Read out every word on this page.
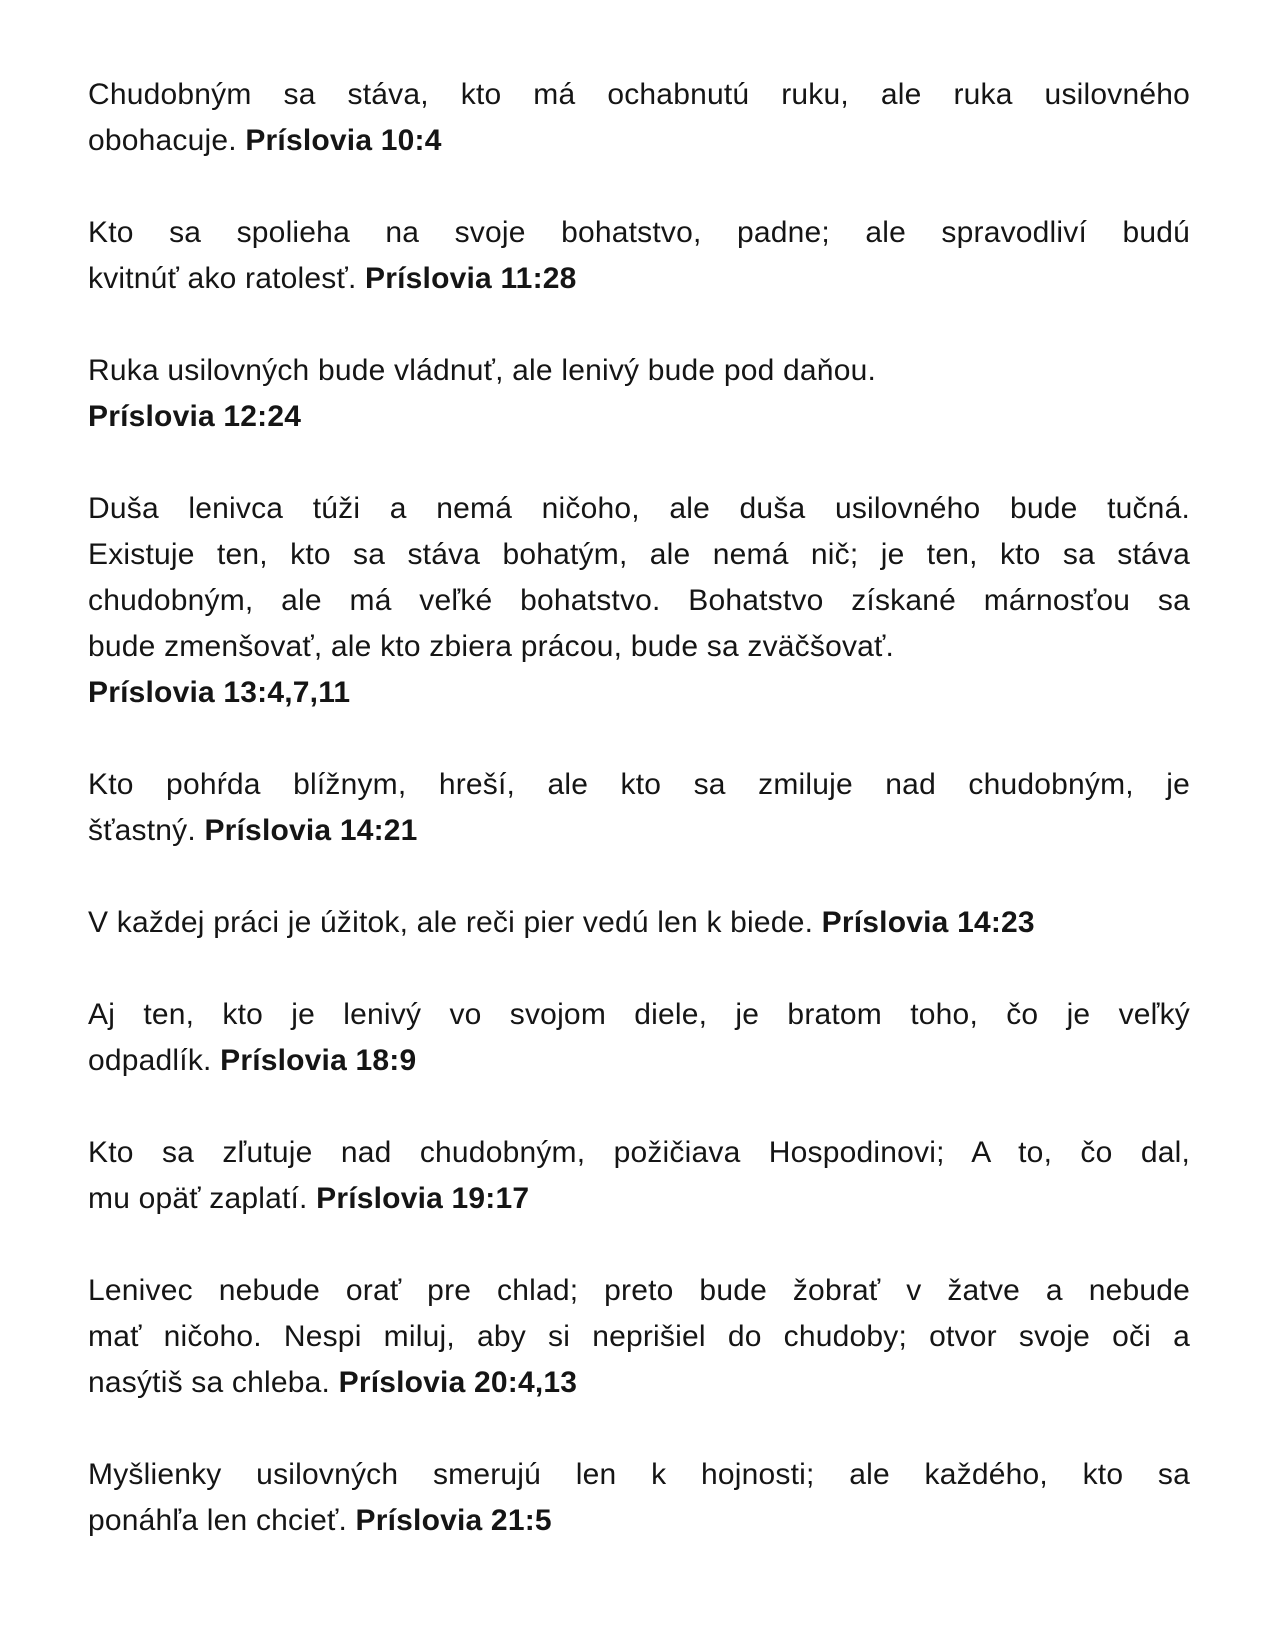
Chudobným sa stáva, kto má ochabnutú ruku, ale ruka usilovného
obohacuje. Príslovia 10:4
Kto sa spolieha na svoje bohatstvo, padne; ale spravodliví budú
kvitnúť ako ratolesť. Príslovia 11:28
Ruka usilovných bude vládnuť, ale lenivý bude pod daňou.
Príslovia 12:24
Duša lenivca túži a nemá ničoho, ale duša usilovného bude tučná.
Existuje ten, kto sa stáva bohatým, ale nemá nič; je ten, kto sa stáva
chudobným, ale má veľké bohatstvo. Bohatstvo získané márnosťou sa
bude zmenšovať, ale kto zbiera prácou, bude sa zväčšovať.
Príslovia 13:4,7,11
Kto pohŕda blížnym, hreší, ale kto sa zmiluje nad chudobným, je
šťastný. Príslovia 14:21
V každej práci je úžitok, ale reči pier vedú len k biede. Príslovia 14:23
Aj ten, kto je lenivý vo svojom diele, je bratom toho, čo je veľký
odpadlík. Príslovia 18:9
Kto sa zľutuje nad chudobným, požičiava Hospodinovi; A to, čo dal,
mu opäť zaplatí. Príslovia 19:17
Lenivec nebude orať pre chlad; preto bude žobrať v žatve a nebude
mať ničoho. Nespi miluj, aby si neprišiel do chudoby; otvor svoje oči a
nasýtiš sa chleba. Príslovia 20:4,13
Myšlienky usilovných smerujú len k hojnosti; ale každého, kto sa
ponáhľa len chcieť. Príslovia 21:5
